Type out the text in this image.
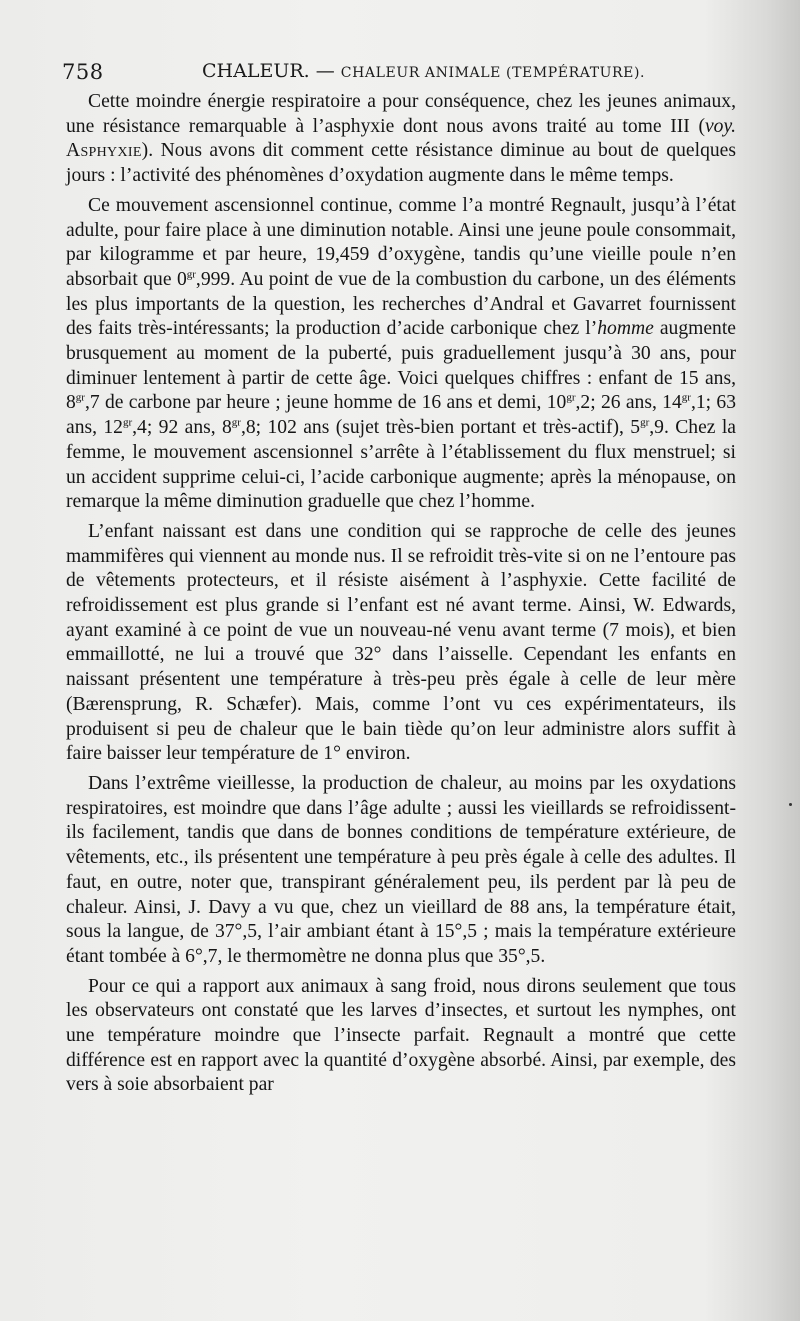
758	CHALEUR. — CHALEUR ANIMALE (TEMPÉRATURE).

Cette moindre énergie respiratoire a pour conséquence, chez les jeunes animaux, une résistance remarquable à l’asphyxie dont nous avons traité au tome III (voy. Asphyxie). Nous avons dit comment cette résistance diminue au bout de quelques jours : l’activité des phénomènes d’oxydation augmente dans le même temps.

Ce mouvement ascensionnel continue, comme l’a montré Regnault, jusqu’à l’état adulte, pour faire place à une diminution notable. Ainsi une jeune poule consommait, par kilogramme et par heure, 19,459 d’oxygène, tandis qu’une vieille poule n’en absorbait que $0^{gr},999$. Au point de vue de la combustion du carbone, un des éléments les plus importants de la question, les recherches d’Andral et Gavarret fournissent des faits très-intéressants; la production d’acide carbonique chez l’homme augmente brusquement au moment de la puberté, puis graduellement jusqu’à 30 ans, pour diminuer lentement à partir de cette âge. Voici quelques chiffres : enfant de 15 ans, $8^{gr},7$ de carbone par heure ; jeune homme de 16 ans et demi, $10^{gr},2$; 26 ans, $14^{gr},1$; 63 ans, $12^{gr},4$; 92 ans, $8^{gr},8$; 102 ans (sujet très-bien portant et très-actif), $5^{gr},9$. Chez la femme, le mouvement ascensionnel s’arrête à l’établissement du flux menstruel; si un accident supprime celui-ci, l’acide carbonique augmente; après la ménopause, on remarque la même diminution graduelle que chez l’homme.

L’enfant naissant est dans une condition qui se rapproche de celle des jeunes mammifères qui viennent au monde nus. Il se refroidit très-vite si on ne l’entoure pas de vêtements protecteurs, et il résiste aisément à l’asphyxie. Cette facilité de refroidissement est plus grande si l’enfant est né avant terme. Ainsi, W. Edwards, ayant examiné à ce point de vue un nouveau-né venu avant terme (7 mois), et bien emmaillotté, ne lui a trouvé que 32° dans l’aisselle. Cependant les enfants en naissant présentent une température à très-peu près égale à celle de leur mère (Bærensprung, R. Schæfer). Mais, comme l’ont vu ces expérimentateurs, ils produisent si peu de chaleur que le bain tiède qu’on leur administre alors suffit à faire baisser leur température de 1° environ.

Dans l’extrême vieillesse, la production de chaleur, au moins par les oxydations respiratoires, est moindre que dans l’âge adulte ; aussi les vieillards se refroidissent-ils facilement, tandis que dans de bonnes conditions de température extérieure, de vêtements, etc., ils présentent une température à peu près égale à celle des adultes. Il faut, en outre, noter que, transpirant généralement peu, ils perdent par là peu de chaleur. Ainsi, J. Davy a vu que, chez un vieillard de 88 ans, la température était, sous la langue, de 37°,5, l’air ambiant étant à 15°,5 ; mais la température extérieure étant tombée à 6°,7, le thermomètre ne donna plus que 35°,5.

Pour ce qui a rapport aux animaux à sang froid, nous dirons seulement que tous les observateurs ont constaté que les larves d’insectes, et surtout les nymphes, ont une température moindre que l’insecte parfait. Regnault a montré que cette différence est en rapport avec la quantité d’oxygène absorbé. Ainsi, par exemple, des vers à soie absorbaient par
